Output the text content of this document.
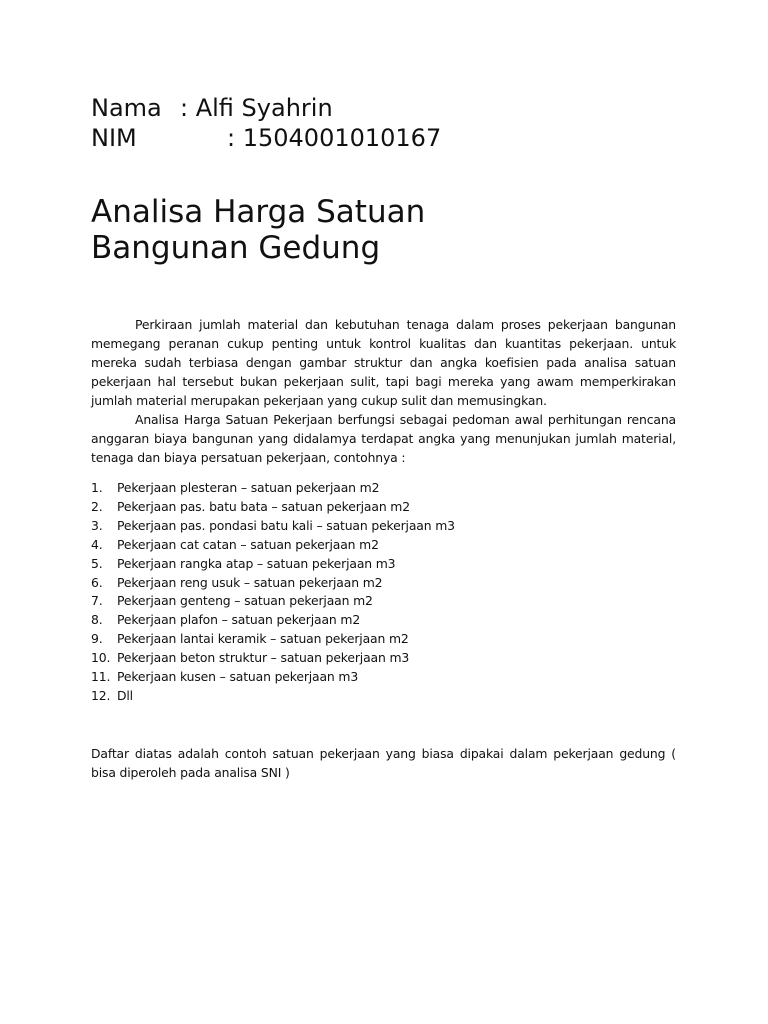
Nama

: Alfi Syahrin

NIM

	: 1504001010167

Analisa Harga Satuan
Bangunan Gedung

Perkiraan jumlah material dan kebutuhan tenaga dalam proses pekerjaan bangunan memegang peranan cukup penting untuk kontrol kualitas dan kuantitas pekerjaan. untuk mereka sudah terbiasa dengan gambar struktur dan angka koefisien pada analisa satuan pekerjaan hal tersebut bukan pekerjaan sulit, tapi bagi mereka yang awam memperkirakan jumlah material merupakan pekerjaan yang cukup sulit dan memusingkan.

Analisa Harga Satuan Pekerjaan berfungsi sebagai pedoman awal perhitungan rencana anggaran biaya bangunan yang didalamya terdapat angka yang menunjukan jumlah material, tenaga dan biaya persatuan pekerjaan, contohnya :

1. Pekerjaan plesteran – satuan pekerjaan m2
2. Pekerjaan pas. batu bata – satuan pekerjaan m2
3. Pekerjaan pas. pondasi batu kali – satuan pekerjaan m3
4. Pekerjaan cat catan – satuan pekerjaan m2
5. Pekerjaan rangka atap – satuan pekerjaan m3
6. Pekerjaan reng usuk – satuan pekerjaan m2
7. Pekerjaan genteng – satuan pekerjaan m2
8. Pekerjaan plafon – satuan pekerjaan m2
9. Pekerjaan lantai keramik – satuan pekerjaan m2
10. Pekerjaan beton struktur – satuan pekerjaan m3
11. Pekerjaan kusen – satuan pekerjaan m3
12. Dll
Daftar diatas adalah contoh satuan pekerjaan yang biasa dipakai dalam pekerjaan gedung ( bisa diperoleh pada analisa SNI )
